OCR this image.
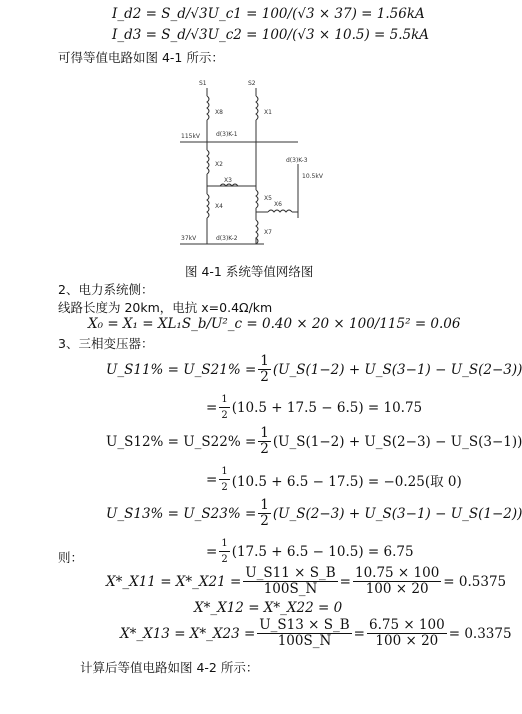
I_d2 = S_d/√3U_c1 = 100/(√3 × 37) = 1.56kA
I_d3 = S_d/√3U_c2 = 100/(√3 × 10.5) = 5.5kA
可得等值电路如图 4-1 所示：
S1	S2
X8	X1
115kV	d(3)K-1
X2
X3
X4
X5
X6
X7
d(3)K-3
10.5kV
37kV	d(3)K-2
图 4-1 系统等值网络图
2、电力系统侧：
线路长度为 20km，电抗 x=0.4Ω/km
X₀ = X₁ = XL₁S_b/U²_c = 0.40 × 20 × 100/115² = 0.06
3、三相变压器：
U_S11% = U_S21% = $\frac{1}{2}$ (U_S(1−2) + U_S(3−1) − U_S(2−3))
= $\frac{1}{2} (10.5 + 17.5 - 6.5) = 10.75$
U_S12% = U_S22% = $\frac{1}{2}$ (U_S(1−2) + U_S(2−3) − U_S(3−1))
= $\frac{1}{2} (10.5 + 6.5 - 17.5) = -0.25$(取 0)
U_S13% = U_S23% = $\frac{1}{2}$ (U_S(2−3) + U_S(3−1) − U_S(1−2))
= $\frac{1}{2} (17.5 + 6.5 - 10.5) = 6.75$
则：
X*_X11 = X*_X21 = $\frac{U\_S11 \times S\_B}{100S\_N} = \frac{10.75 \times 100}{100 \times 20} = 0.5375$
X*_X12 = X*_X22 = 0
X*_X13 = X*_X23 = $\frac{U\_S13 \times S\_B}{100S\_N} = \frac{6.75 \times 100}{100 \times 20} = 0.3375$
计算后等值电路如图 4-2 所示：
